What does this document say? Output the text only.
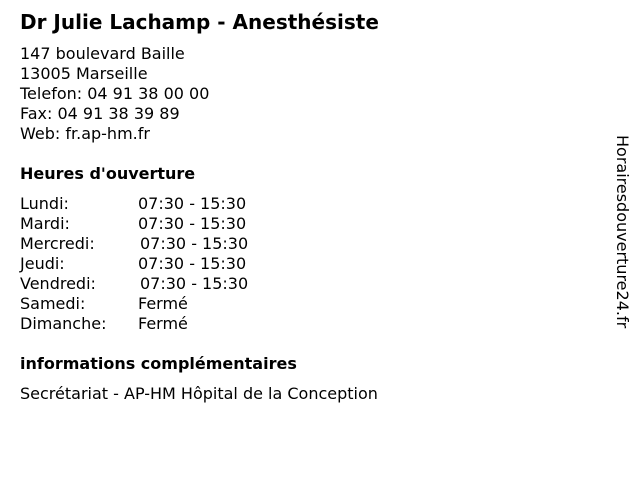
Dr Julie Lachamp - Anesthésiste
147 boulevard Baille
13005 Marseille
Telefon: 04 91 38 00 00
Fax: 04 91 38 39 89
Web: fr.ap-hm.fr
Heures d'ouverture
Lundi:	07:30 - 15:30
Mardi:	07:30 - 15:30
Mercredi:	07:30 - 15:30
Jeudi:	07:30 - 15:30
Vendredi:	07:30 - 15:30
Samedi:	Fermé
Dimanche: Fermé
informations complémentaires
Secrétariat - AP-HM Hôpital de la Conception
Horairesdouverture24.fr
